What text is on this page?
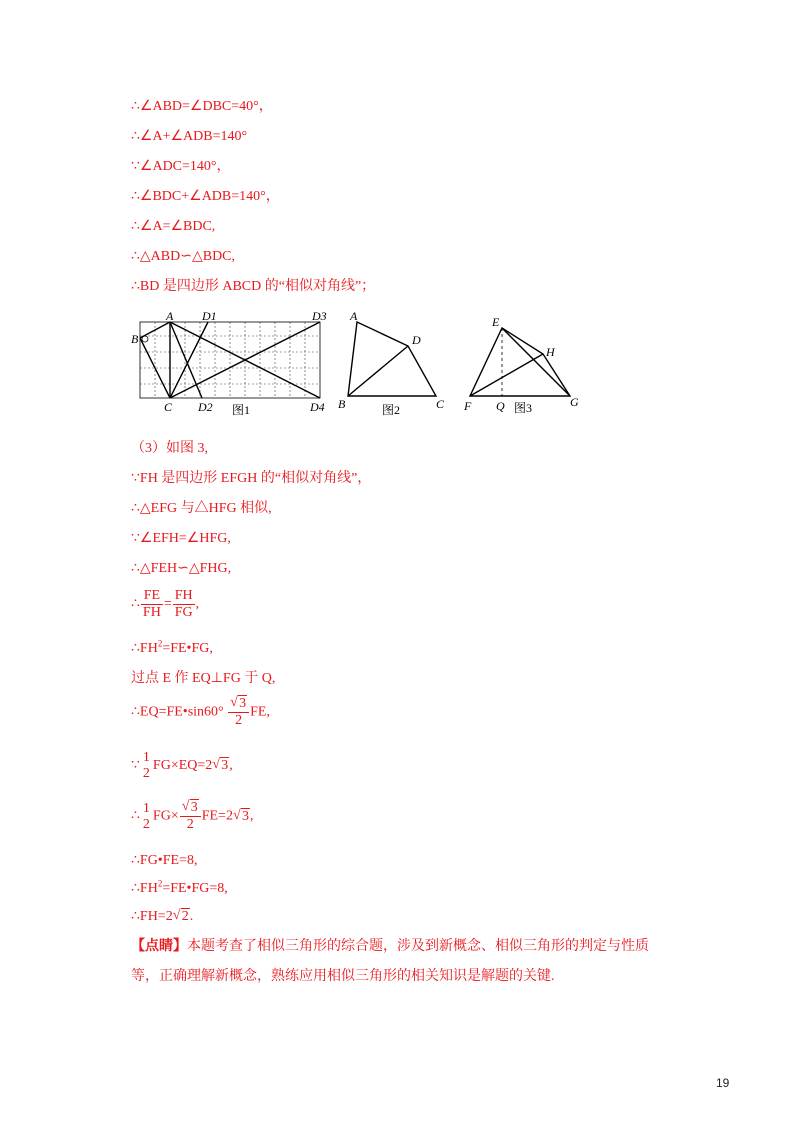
∴∠ABD=∠DBC=40°，
∴∠A+∠ADB=140°
∵∠ADC=140°，
∴∠BDC+∠ADB=140°，
∴∠A=∠BDC,
∴△ABD∽△BDC,
∴BD 是四边形 ABCD 的“相似对角线”；
A
B
C
D1
D2
D3
D4
图1
A
D
B	C
图2
E
H
F Q	G
图3
（3）如图 3,
∵FH 是四边形 EFGH 的“相似对角线”，
∴△EFG 与△HFG 相似,
∵∠EFH=∠HFG,
∴△FEH∽△FHG,
∴ $\frac{FE}{FH} = \frac{FH}{FG}$ ,
$\therefore FH^2=FE•FG$,
过点 E 作 EQ⊥FG 于 Q,
∴EQ=FE•sin60°
√ $\frac{3}{2}$ FE,
∵
1
2
FG×EQ=2√ 3,
∴
1
2
FG×
√ $\frac{3}{2} FE=2√$ 3,
∴FG•FE=8,
$\therefore FH^2=FE•FG=8$,
∴FH=2√ 2.
【点睛】本题考查了相似三角形的综合题，涉及到新概念、相似三角形的判定与性质等，正确理解新概念，熟练应用相似三角形的相关知识是解题的关键.
19
